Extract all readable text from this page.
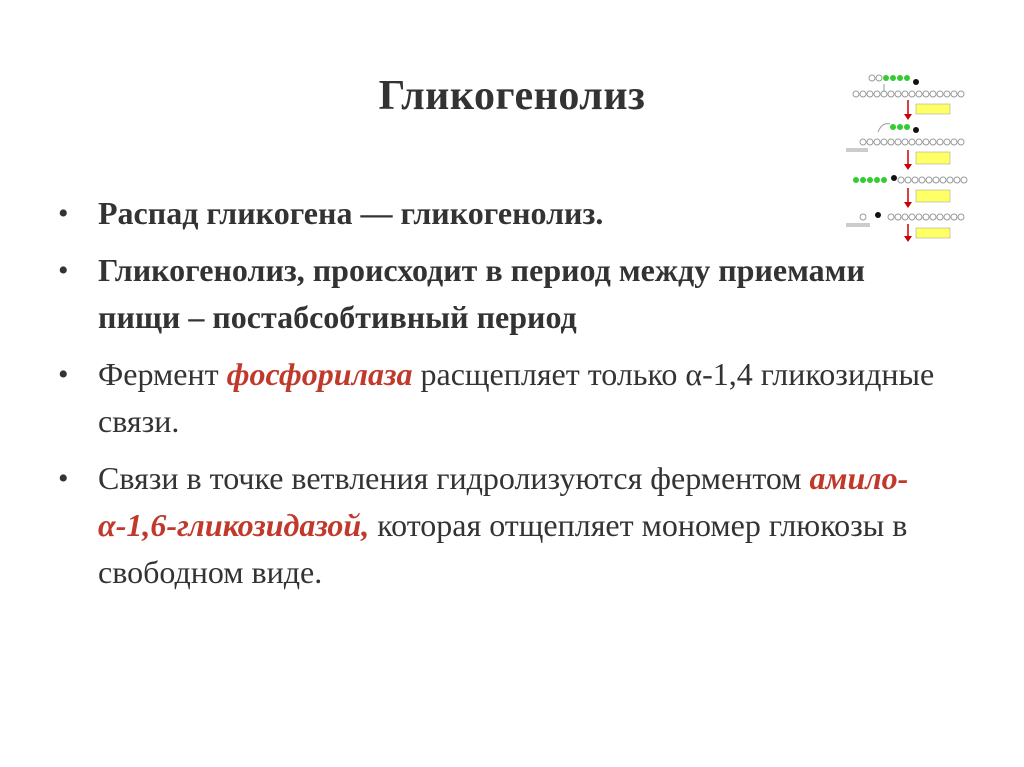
Гликогенолиз
• Распад гликогена — гликогенолиз.
• Гликогенолиз, происходит в период между приемами пищи – постабсобтивный период
• Фермент фосфорилаза расщепляет только α-1,4 гликозидные связи.
• Связи в точке ветвления гидролизуются ферментом амило-α-1,6-гликозидазой, которая отщепляет мономер глюкозы в свободном виде.
